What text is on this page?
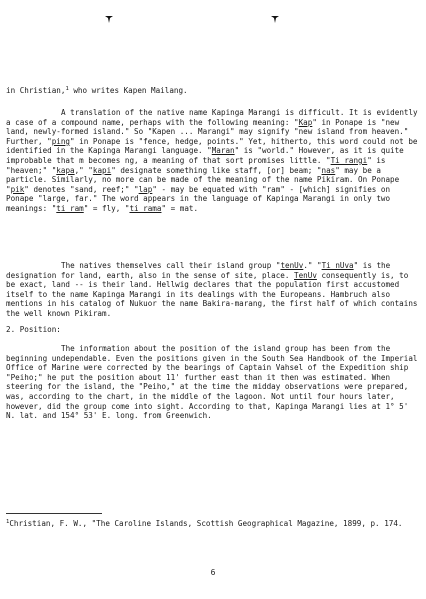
in Christian,$^1$ who writes Kapen Mailang.

A translation of the native name Kapinga Marangi is difficult. It is evidently a case of a compound name, perhaps with the following meaning: "Kap" in Ponape is "new land, newly-formed island." So "Kapen ... Marangi" may signify "new island from heaven." Further, "ping" in Ponape is "fence, hedge, points." Yet, hitherto, this word could not be identified in the Kapinga Marangi language. "Maran" is "world." However, as it is quite improbable that m becomes ng, a meaning of that sort promises little. "Ti rangi" is "heaven;" "kapa," "kapi" designate something like staff, [or] beam; "nas" may be a particle. Similarly, no more can be made of the meaning of the name Pikiram. On Ponape "pik" denotes "sand, reef;" "lap" - may be equated with "ram" - [which] signifies on Ponape "large, far." The word appears in the language of Kapinga Marangi in only two meanings: "ti ram" = fly, "ti rama" = mat.

The natives themselves call their island group "tenUv." "Ti nUva" is the designation for land, earth, also in the sense of site, place. TenUv consequently is, to be exact, land -- is their land. Hellwig declares that the population first accustomed itself to the name Kapinga Marangi in its dealings with the Europeans. Hambruch also mentions in his catalog of Nukuor the name Bakira-marang, the first half of which contains the well known Pikiram.

2. Position:

The information about the position of the island group has been from the beginning undependable. Even the positions given in the South Sea Handbook of the Imperial Office of Marine were corrected by the bearings of Captain Vahsel of the Expedition ship "Peiho;" he put the position about 11' further east than it then was estimated. When steering for the island, the "Peiho," at the time the midday observations were prepared, was, according to the chart, in the middle of the lagoon. Not until four hours later, however, did the group come into sight. According to that, Kapinga Marangi lies at 1° 5' N. lat. and 154° 53' E. long. from Greenwich.

$^1$Christian, F. W., "The Caroline Islands, Scottish Geographical Magazine, 1899, p. 174.

6
